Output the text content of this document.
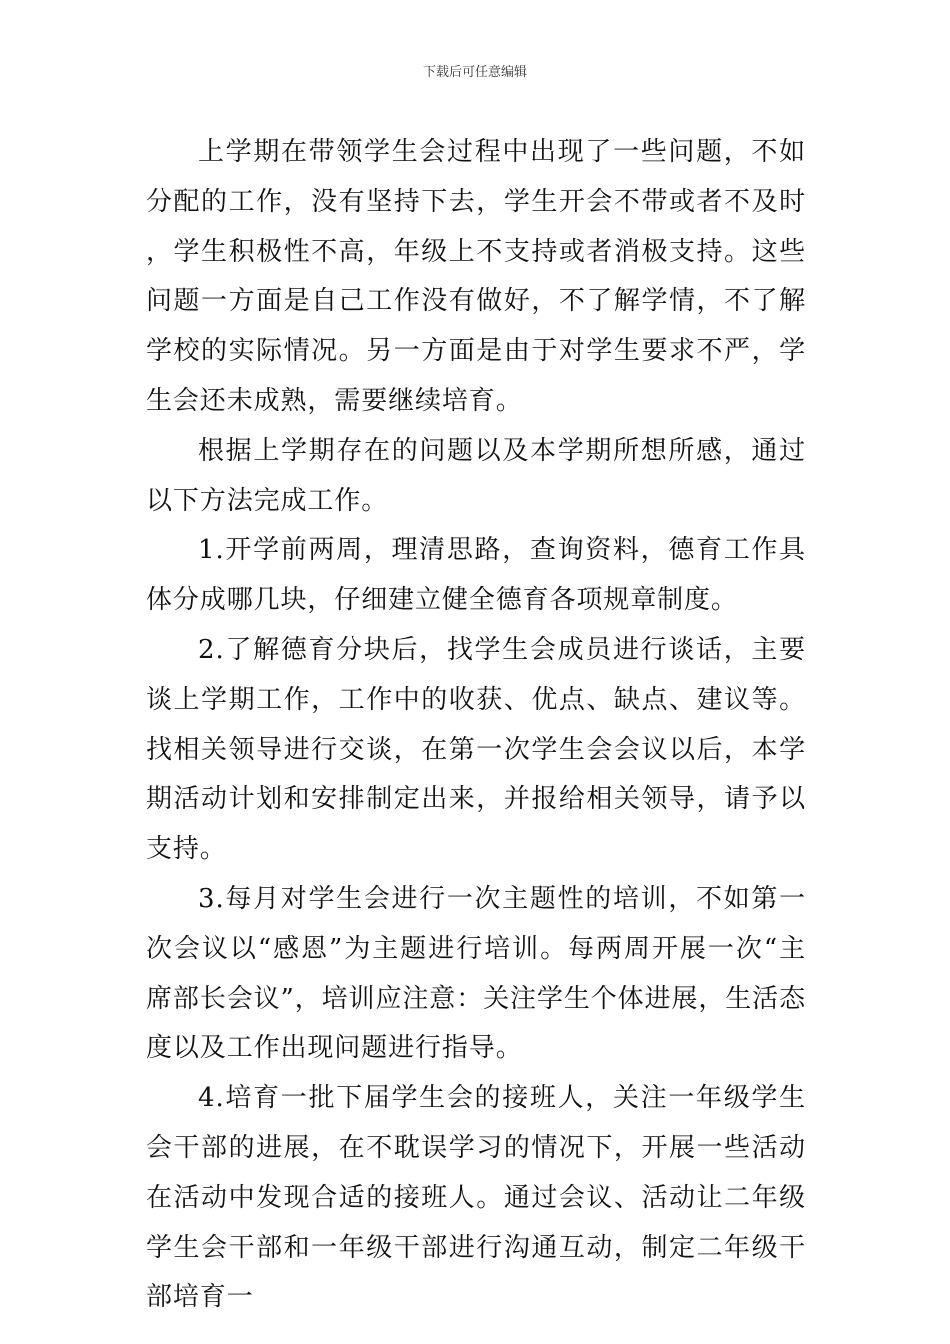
下载后可任意编辑

上学期在带领学生会过程中出现了一些问题，不如分配的工作，没有坚持下去，学生开会不带或者不及时，学生积极性不高，年级上不支持或者消极支持。这些问题一方面是自己工作没有做好，不了解学情，不了解学校的实际情况。另一方面是由于对学生要求不严，学生会还未成熟，需要继续培育。

根据上学期存在的问题以及本学期所想所感，通过以下方法完成工作。

1.开学前两周，理清思路，查询资料，德育工作具体分成哪几块，仔细建立健全德育各项规章制度。

2.了解德育分块后，找学生会成员进行谈话，主要谈上学期工作，工作中的收获、优点、缺点、建议等。找相关领导进行交谈，在第一次学生会会议以后，本学期活动计划和安排制定出来，并报给相关领导，请予以支持。

3.每月对学生会进行一次主题性的培训，不如第一次会议以“感恩”为主题进行培训。每两周开展一次“主席部长会议”，培训应注意：关注学生个体进展，生活态度以及工作出现问题进行指导。

4.培育一批下届学生会的接班人，关注一年级学生会干部的进展，在不耽误学习的情况下，开展一些活动在活动中发现合适的接班人。通过会议、活动让二年级学生会干部和一年级干部进行沟通互动，制定二年级干部培育一
